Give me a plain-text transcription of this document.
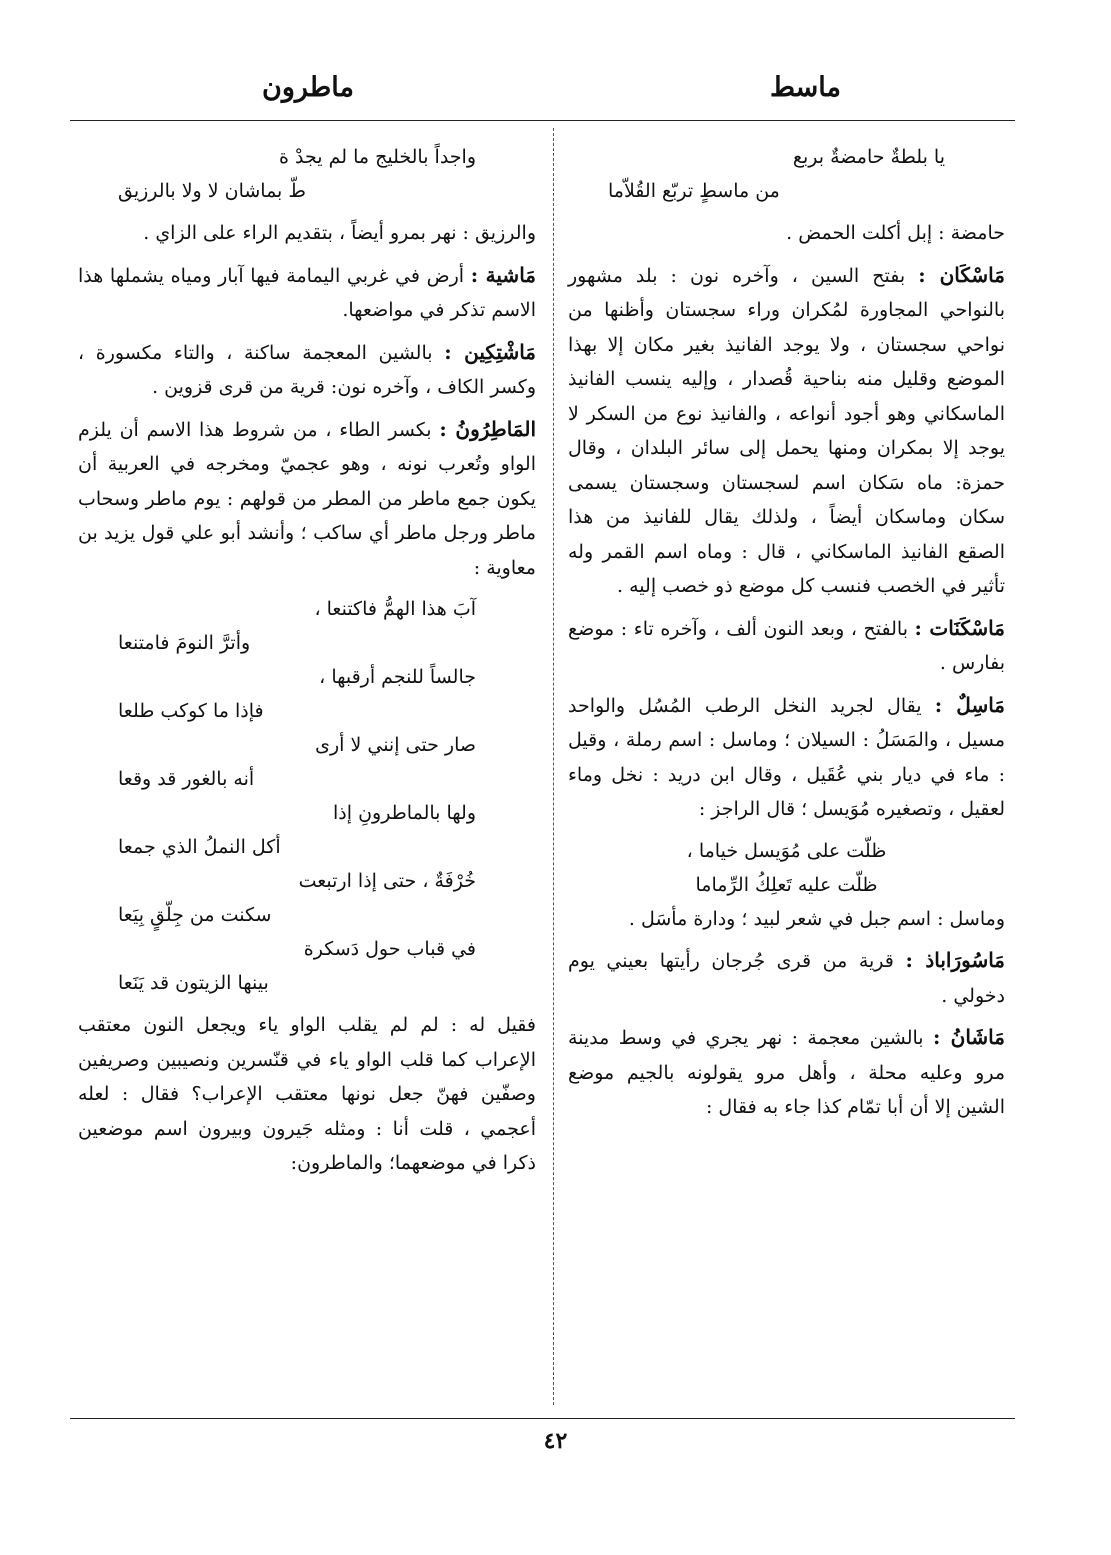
ماسط
ماطرون
يا بلطةٌ حامضةٌ بربع
من ماسطٍ تربّع القُلاّما

حامضة : إبل أكلت الحمض .

مَاسْكَان : بفتح السين ، وآخره نون : بلد مشهور بالنواحي المجاورة لمُكران وراء سجستان وأظنها من نواحي سجستان ، ولا يوجد الفانيذ بغير مكان إلا بهذا الموضع وقليل منه بناحية قُصدار ، وإليه ينسب الفانيذ الماسكاني وهو أجود أنواعه ، والفانيذ نوع من السكر لا يوجد إلا بمكران ومنها يحمل إلى سائر البلدان ، وقال حمزة: ماه سَكان اسم لسجستان وسجستان يسمى سكان وماسكان أيضاً ، ولذلك يقال للفانيذ من هذا الصقع الفانيذ الماسكاني ، قال : وماه اسم القمر وله تأثير في الخصب فنسب كل موضع ذو خصب إليه .

مَاسْكَنَات : بالفتح ، وبعد النون ألف ، وآخره تاء : موضع بفارس .

مَاسِلٌ : يقال لجريد النخل الرطب المُسُل والواحد مسيل ، والمَسَلُ : السيلان ؛ وماسل : اسم رملة ، وقيل : ماء في ديار بني عُقَيل ، وقال ابن دريد : نخل وماء لعقيل ، وتصغيره مُوَيسل ؛ قال الراجز :

ظلّت على مُوَيسل خياما ،
ظلّت عليه تَعلِكُ الرِّماما

وماسل : اسم جبل في شعر لبيد ؛ ودارة مأسَل .

مَاسُورَاباذ : قرية من قرى جُرجان رأيتها بعيني يوم دخولي .

مَاشَانُ : بالشين معجمة : نهر يجري في وسط مدينة مرو وعليه محلة ، وأهل مرو يقولونه بالجيم موضع الشين إلا أن أبا تمّام كذا جاء به فقال :

واجداً بالخليج ما لم يجدْ ة
طّ بماشان لا ولا بالرزيق

والرزيق : نهر بمرو أيضاً ، بتقديم الراء على الزاي .

مَاشية : أرض في غربي اليمامة فيها آبار ومياه يشملها هذا الاسم تذكر في مواضعها.

مَاشْتِكِين : بالشين المعجمة ساكنة ، والتاء مكسورة ، وكسر الكاف ، وآخره نون: قرية من قرى قزوين .

المَاطِرُونُ : بكسر الطاء ، من شروط هذا الاسم أن يلزم الواو وتُعرب نونه ، وهو عجميّ ومخرجه في العربية أن يكون جمع ماطر من المطر من قولهم : يوم ماطر وسحاب ماطر ورجل ماطر أي ساكب ؛ وأنشد أبو علي قول يزيد بن معاوية :

آبَ هذا الهمُّ فاكتنعا ،
وأترَّ النومَ فامتنعا
جالساً للنجم أرقبها ،
فإذا ما كوكب طلعا
صار حتى إنني لا أرى
أنه بالغور قد وقعا
ولها بالماطرونِ إذا
أكل النملُ الذي جمعا
خُرْفَةٌ ، حتى إذا ارتبعت
سكنت من جِلّقٍ بِيَعا
في قباب حول دَسكرة
بينها الزيتون قد يَنَعا

فقيل له : لم لم يقلب الواو ياء ويجعل النون معتقب الإعراب كما قلب الواو ياء في قنّسرين ونصيبين وصريفين وصفّين فهنّ جعل نونها معتقب الإعراب؟ فقال : لعله أعجمي ، قلت أنا : ومثله جَيرون وبيرون اسم موضعين ذكرا في موضعهما؛ والماطرون:

٤٢
